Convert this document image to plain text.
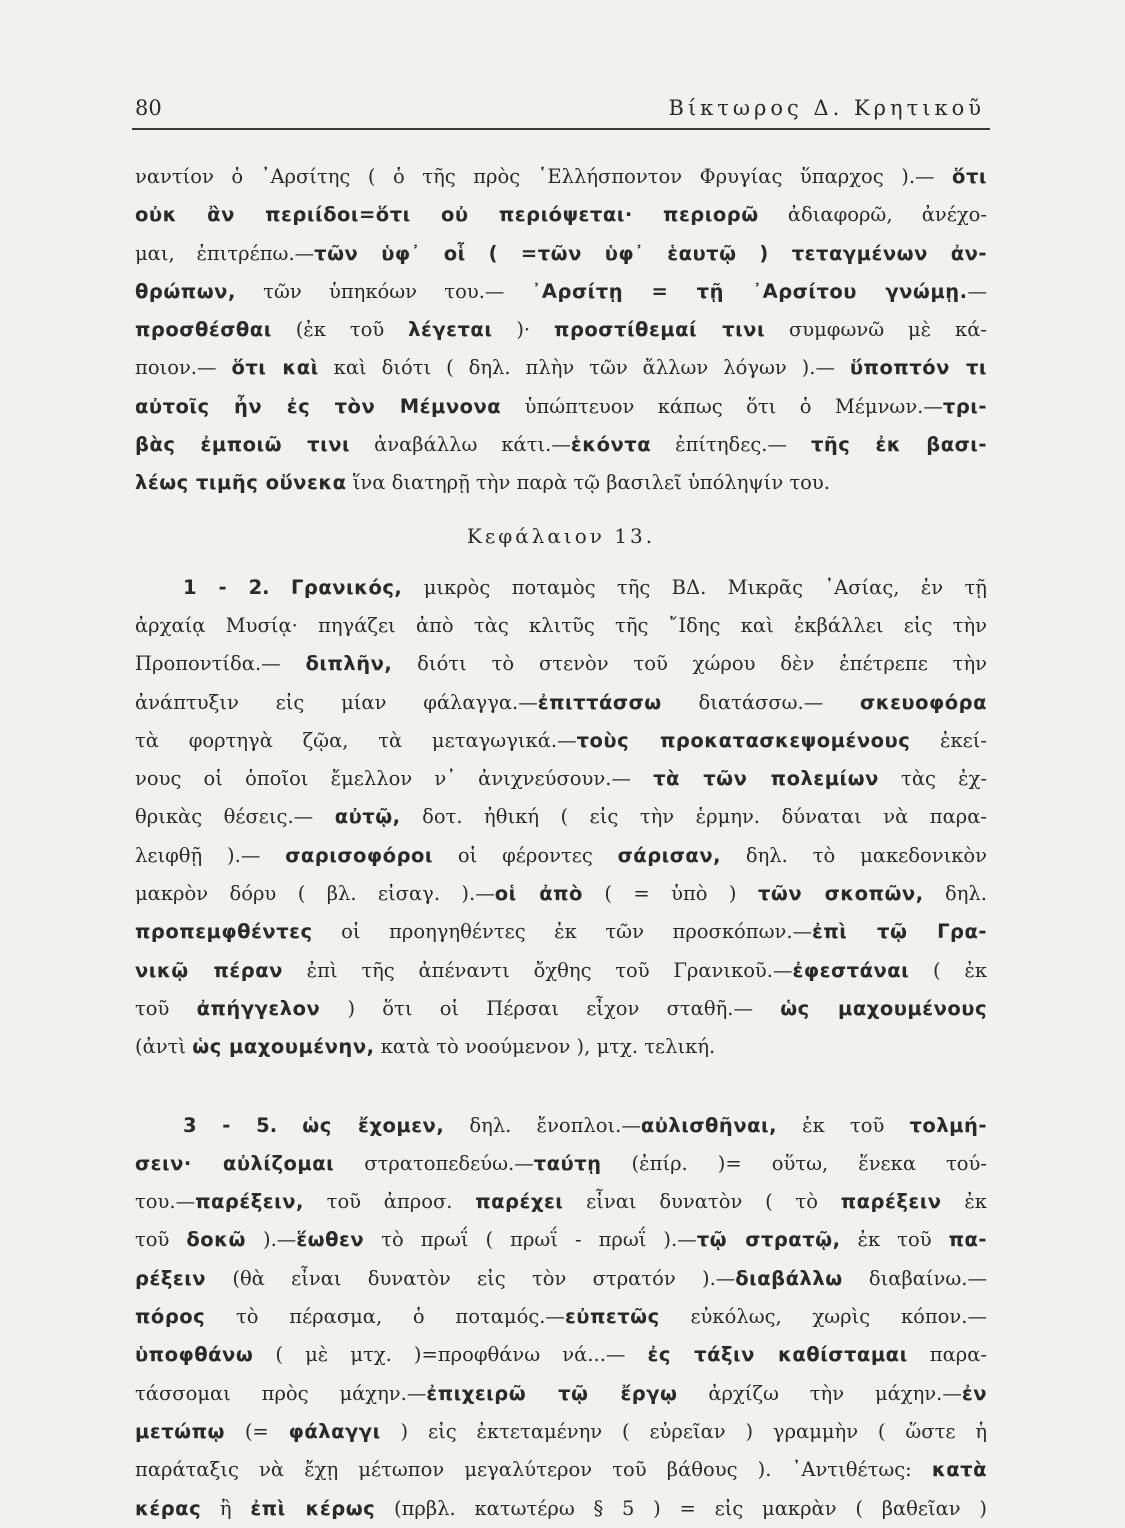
80	Βίκτωρος Δ. Κρητικοῦ
ναντίον ὁ ᾿Αρσίτης ( ὁ τῆς πρὸς ῾Ελλήσποντον Φρυγίας ὕπαρχος ).— ὅτι
οὐκ ἂν περιίδοι=ὅτι οὐ περιόψεται· περιορῶ ἀδιαφορῶ, ἀνέχο-
μαι, ἐπιτρέπω.—τῶν ὑφ᾿ οἷ ( =τῶν ὑφ᾿ ἑαυτῷ ) τεταγμένων ἀν-
θρώπων, τῶν ὑπηκόων του.— ᾿Αρσίτῃ = τῇ ᾿Αρσίτου γνώμῃ.—
προσθέσθαι (ἐκ τοῦ λέγεται )· προστίθεμαί τινι συμφωνῶ μὲ κά-
ποιον.— ὅτι καὶ καὶ διότι ( δηλ. πλὴν τῶν ἄλλων λόγων ).— ὕποπτόν τι
αὐτοῖς ἦν ἐς τὸν Μέμνονα ὑπώπτευον κάπως ὅτι ὁ Μέμνων.—τρι-
βὰς ἐμποιῶ τινι ἀναβάλλω κάτι.—ἑκόντα ἐπίτηδες.— τῆς ἐκ βασι-
λέως τιμῆς οὕνεκα ἵνα διατηρῇ τὴν παρὰ τῷ βασιλεῖ ὑπόληψίν του.
Κεφάλαιον 13.
1 - 2. Γρανικός, μικρὸς ποταμὸς τῆς ΒΔ. Μικρᾶς ᾿Ασίας, ἐν τῇ
ἀρχαίᾳ Μυσίᾳ· πηγάζει ἀπὸ τὰς κλιτῦς τῆς ῎Ιδης καὶ ἐκβάλλει εἰς τὴν
Προποντίδα.— διπλῆν, διότι τὸ στενὸν τοῦ χώρου δὲν ἐπέτρεπε τὴν
ἀνάπτυξιν εἰς μίαν φάλαγγα.—ἐπιττάσσω διατάσσω.— σκευοφόρα
τὰ φορτηγὰ ζῷα, τὰ μεταγωγικά.—τοὺς προκατασκεψομένους ἐκεί-
νους οἱ ὁποῖοι ἔμελλον ν᾿ ἀνιχνεύσουν.— τὰ τῶν πολεμίων τὰς ἐχ-
θρικὰς θέσεις.— αὐτῷ, δοτ. ἠθική ( εἰς τὴν ἑρμην. δύναται νὰ παρα-
λειφθῇ ).— σαρισοφόροι οἱ φέροντες σάρισαν, δηλ. τὸ μακεδονικὸν
μακρὸν δόρυ ( βλ. εἰσαγ. ).—οἱ ἀπὸ ( = ὑπὸ ) τῶν σκοπῶν, δηλ.
προπεμφθέντες οἱ προηγηθέντες ἐκ τῶν προσκόπων.—ἐπὶ τῷ Γρα-
νικῷ πέραν ἐπὶ τῆς ἀπέναντι ὄχθης τοῦ Γρανικοῦ.—ἐφεστάναι ( ἐκ
τοῦ ἀπήγγελον ) ὅτι οἱ Πέρσαι εἶχον σταθῆ.— ὡς μαχουμένους
(ἀντὶ ὡς μαχουμένην, κατὰ τὸ νοούμενον ), μτχ. τελική.
3 - 5. ὡς ἔχομεν, δηλ. ἔνοπλοι.—αὐλισθῆναι, ἐκ τοῦ τολμή-
σειν· αὐλίζομαι στρατοπεδεύω.—ταύτῃ (ἐπίρ. )= οὕτω, ἕνεκα τού-
του.—παρέξειν, τοῦ ἀπροσ. παρέχει εἶναι δυνατὸν ( τὸ παρέξειν ἐκ
τοῦ δοκῶ ).—ἕωθεν τὸ πρωΐ ( πρωΐ - πρωΐ ).—τῷ στρατῷ, ἐκ τοῦ πα-
ρέξειν (θὰ εἶναι δυνατὸν εἰς τὸν στρατόν ).—διαβάλλω διαβαίνω.—
πόρος τὸ πέρασμα, ὁ ποταμός.—εὐπετῶς εὐκόλως, χωρὶς κόπον.—
ὑποφθάνω ( μὲ μτχ. )=προφθάνω νά...— ἐς τάξιν καθίσταμαι παρα-
τάσσομαι πρὸς μάχην.—ἐπιχειρῶ τῷ ἔργῳ ἀρχίζω τὴν μάχην.—ἐν
μετώπῳ (= φάλαγγι ) εἰς ἐκτεταμένην ( εὐρεῖαν ) γραμμὴν ( ὥστε ἡ
παράταξις νὰ ἔχῃ μέτωπον μεγαλύτερον τοῦ βάθους ). ᾿Αντιθέτως: κατὰ
κέρας ἢ ἐπὶ κέρως (πρβλ. κατωτέρω § 5 ) = εἰς μακρὰν ( βαθεῖαν )
